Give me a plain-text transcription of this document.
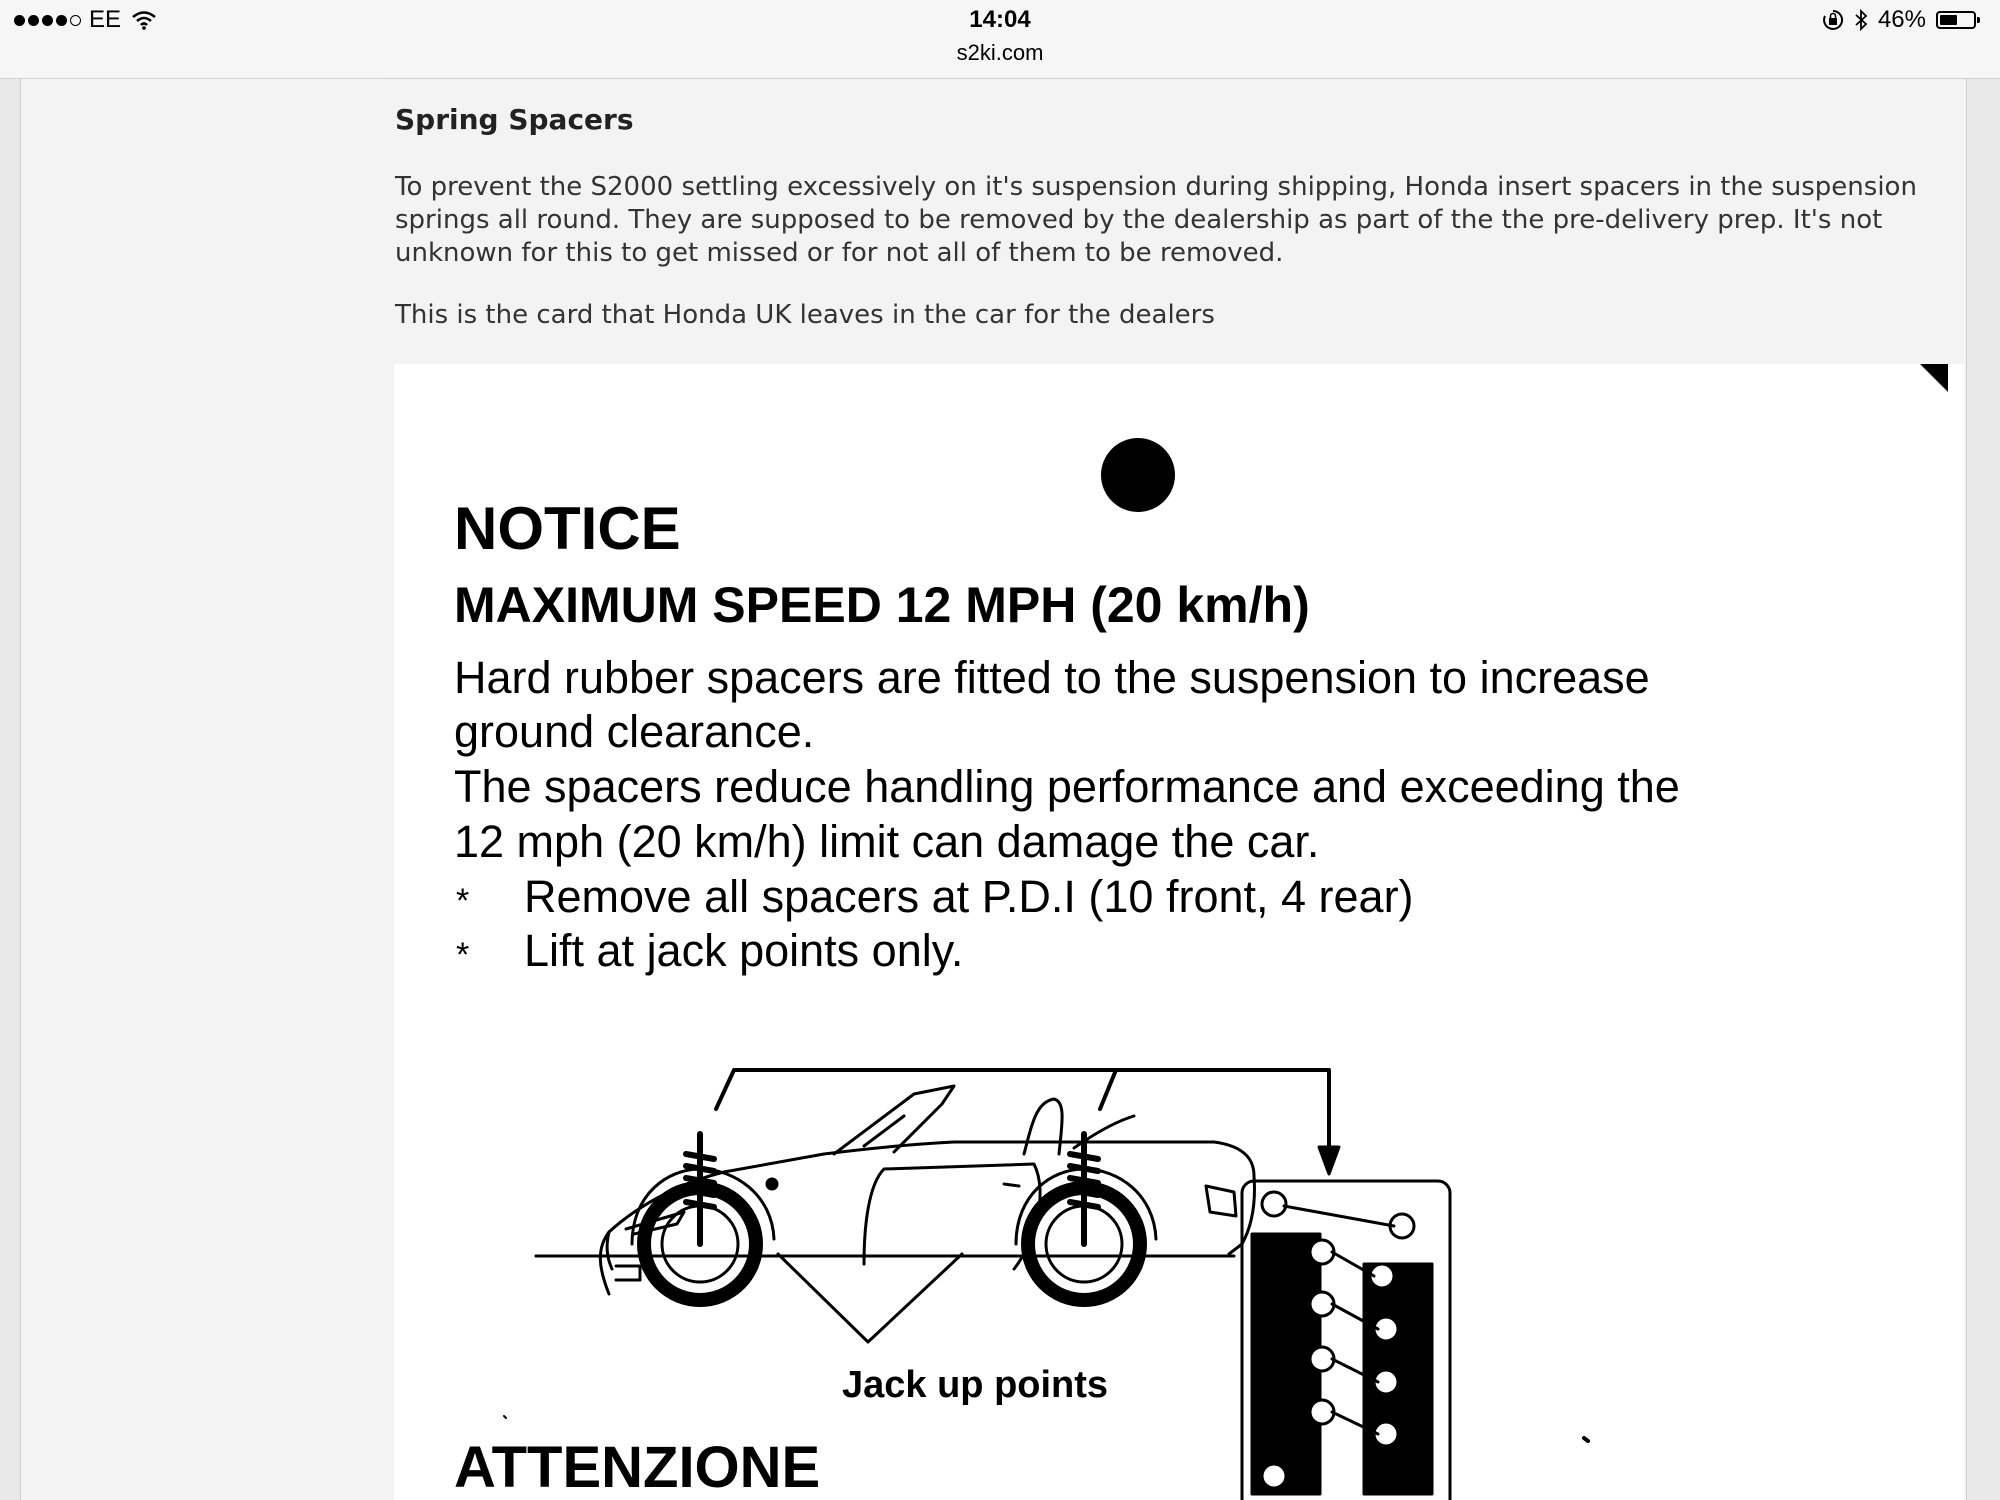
EE	14:04
s2ki.com
46%
Spring Spacers
To prevent the S2000 settling excessively on it's suspension during shipping, Honda insert spacers in the suspension springs all round. They are supposed to be removed by the dealership as part of the the pre-delivery prep. It's not unknown for this to get missed or for not all of them to be removed.
This is the card that Honda UK leaves in the car for the dealers
NOTICE
MAXIMUM SPEED 12 MPH (20 km/h)
Hard rubber spacers are fitted to the suspension to increase
ground clearance.
The spacers reduce handling performance and exceeding the
12 mph (20 km/h) limit can damage the car.
* Remove all spacers at P.D.I (10 front, 4 rear)
* Lift at jack points only.
Jack up points
ATTENZIONE
